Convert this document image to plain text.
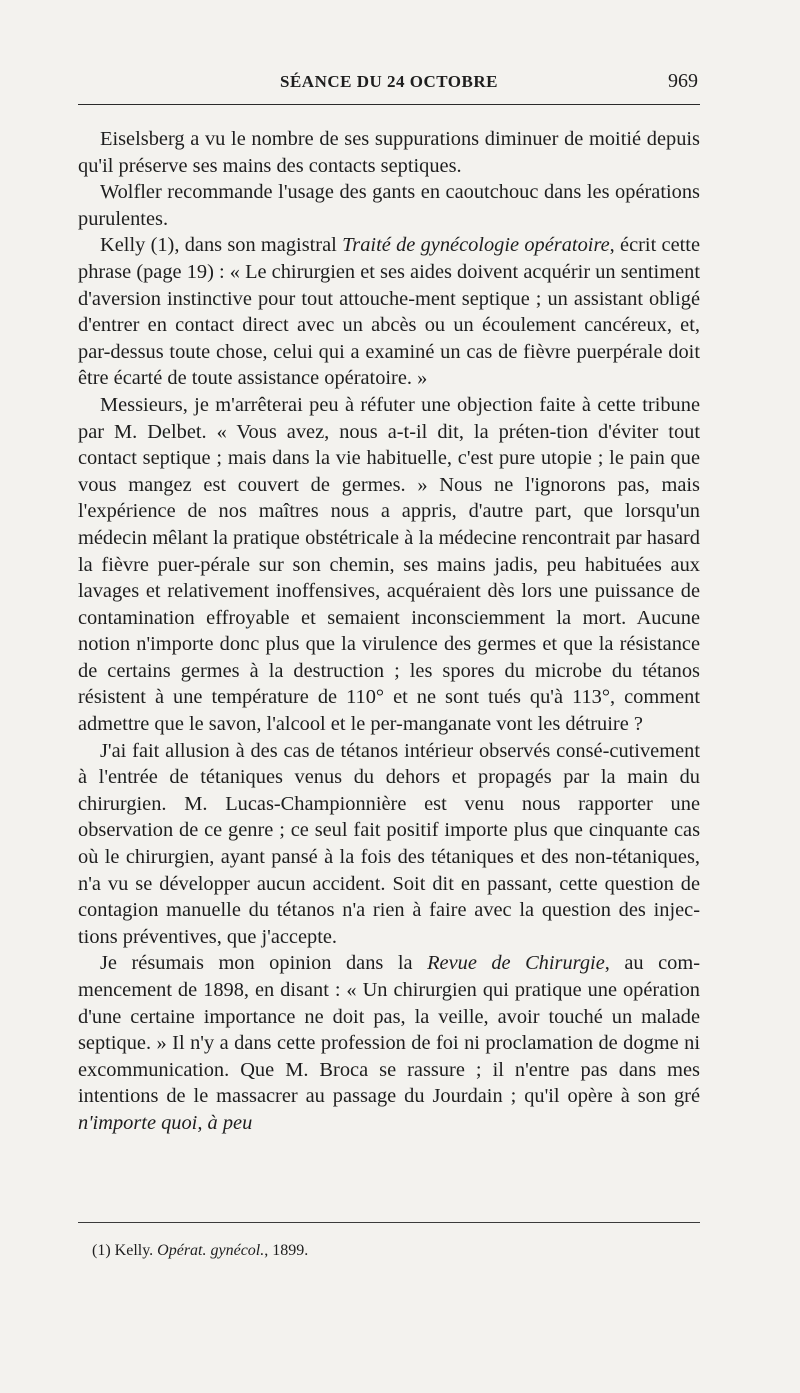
SÉANCE DU 24 OCTOBRE	969

Eiselsberg a vu le nombre de ses suppurations diminuer de moitié depuis qu'il préserve ses mains des contacts septiques.

Wolfler recommande l'usage des gants en caoutchouc dans les opérations purulentes.

Kelly (1), dans son magistral Traité de gynécologie opératoire, écrit cette phrase (page 19) : « Le chirurgien et ses aides doivent acquérir un sentiment d'aversion instinctive pour tout attouche-ment septique ; un assistant obligé d'entrer en contact direct avec un abcès ou un écoulement cancéreux, et, par-dessus toute chose, celui qui a examiné un cas de fièvre puerpérale doit être écarté de toute assistance opératoire. »

Messieurs, je m'arrêterai peu à réfuter une objection faite à cette tribune par M. Delbet. « Vous avez, nous a-t-il dit, la préten-tion d'éviter tout contact septique ; mais dans la vie habituelle, c'est pure utopie ; le pain que vous mangez est couvert de germes. » Nous ne l'ignorons pas, mais l'expérience de nos maîtres nous a appris, d'autre part, que lorsqu'un médecin mêlant la pratique obstétricale à la médecine rencontrait par hasard la fièvre puer-pérale sur son chemin, ses mains jadis, peu habituées aux lavages et relativement inoffensives, acquéraient dès lors une puissance de contamination effroyable et semaient inconsciemment la mort. Aucune notion n'importe donc plus que la virulence des germes et que la résistance de certains germes à la destruction ; les spores du microbe du tétanos résistent à une température de 110° et ne sont tués qu'à 113°, comment admettre que le savon, l'alcool et le per-manganate vont les détruire ?

J'ai fait allusion à des cas de tétanos intérieur observés consé-cutivement à l'entrée de tétaniques venus du dehors et propagés par la main du chirurgien. M. Lucas-Championnière est venu nous rapporter une observation de ce genre ; ce seul fait positif importe plus que cinquante cas où le chirurgien, ayant pansé à la fois des tétaniques et des non-tétaniques, n'a vu se développer aucun accident. Soit dit en passant, cette question de contagion manuelle du tétanos n'a rien à faire avec la question des injec-tions préventives, que j'accepte.

Je résumais mon opinion dans la Revue de Chirurgie, au com-mencement de 1898, en disant : « Un chirurgien qui pratique une opération d'une certaine importance ne doit pas, la veille, avoir touché un malade septique. » Il n'y a dans cette profession de foi ni proclamation de dogme ni excommunication. Que M. Broca se rassure ; il n'entre pas dans mes intentions de le massacrer au passage du Jourdain ; qu'il opère à son gré n'importe quoi, à peu

(1) Kelly. Opérat. gynécol., 1899.
